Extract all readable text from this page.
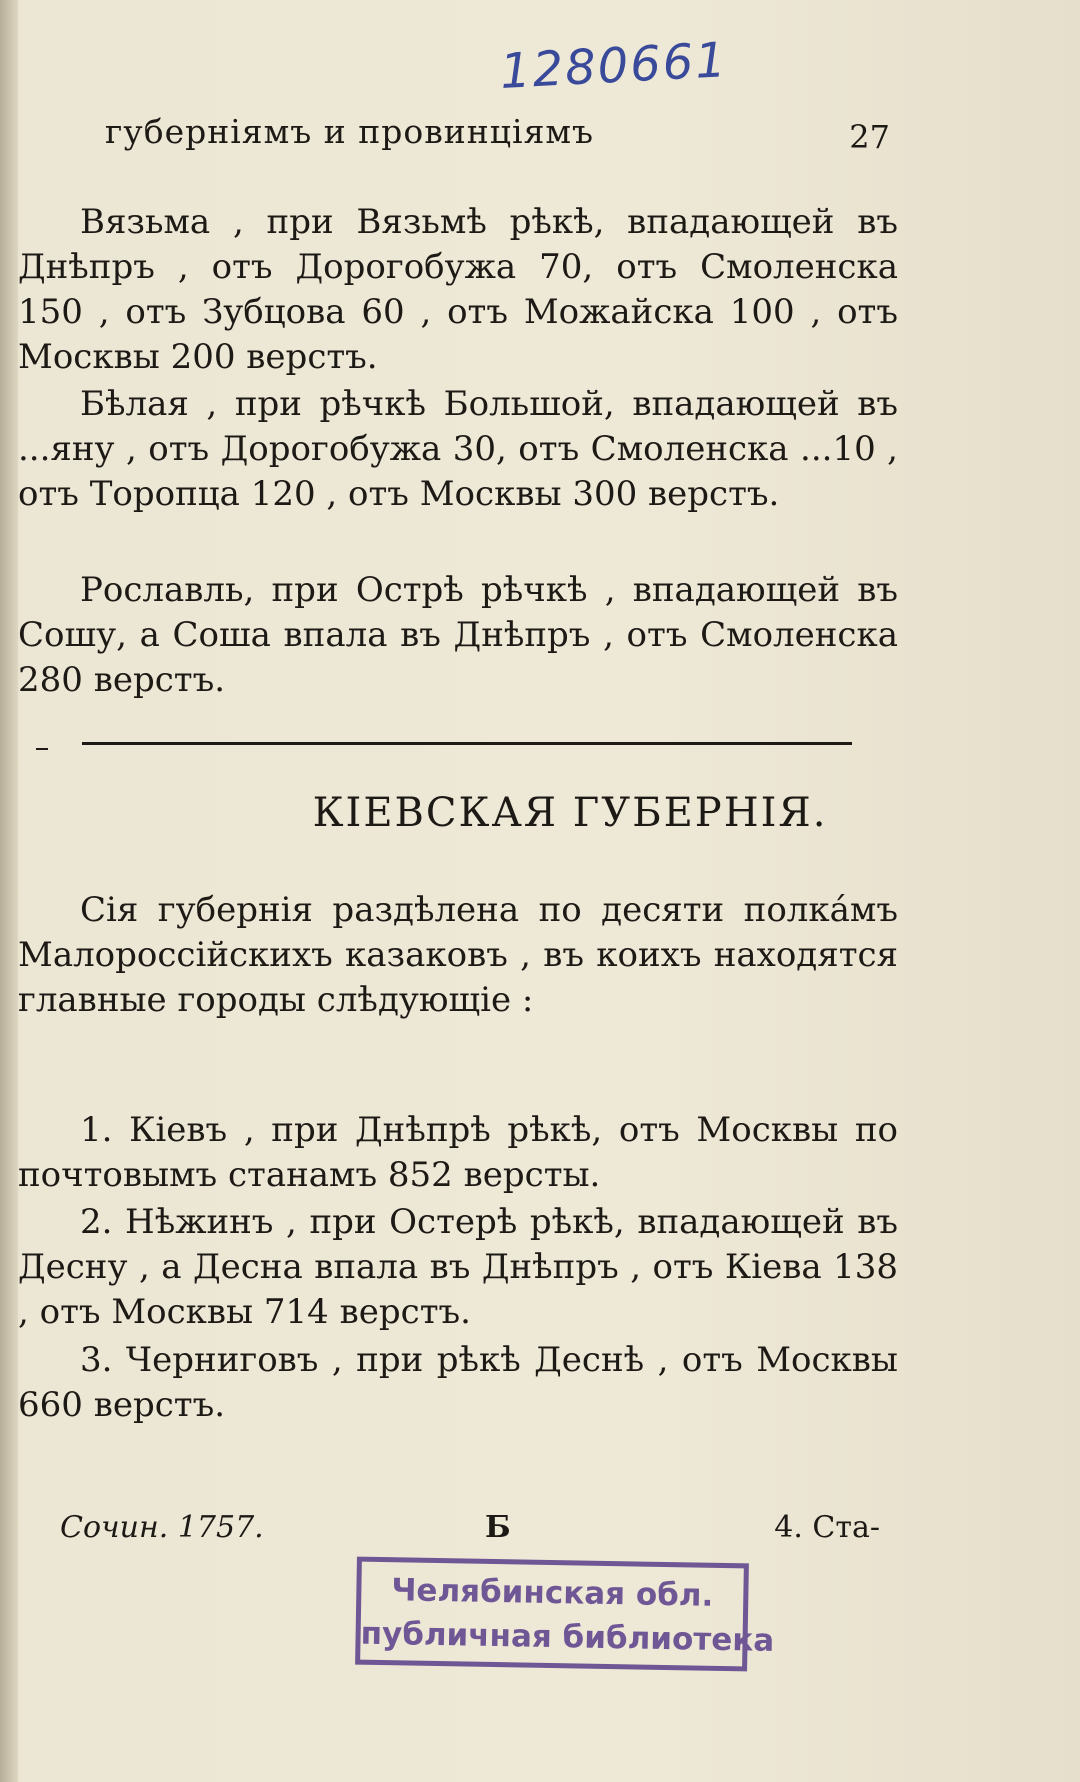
1280661
губерніямъ и провинціямъ	27

Вязьма , при Вязьмѣ рѣкѣ, впадающей въ Днѣпръ , отъ Дорогобужа 70, отъ Смоленска 150 , отъ Зубцова 60 , отъ Можайска 100 , отъ Москвы 200 верстъ.

Бѣлая , при рѣчкѣ Большой, впадающей въ ...яну , отъ Дорогобужа 30, отъ Смоленска ...10 , отъ Торопца 120 , отъ Москвы 300 верстъ.

Рославль, при Острѣ рѣчкѣ , впадающей въ Сошу, а Соша впала въ Днѣпръ , отъ Смоленска 280 верстъ.

КІЕВСКАЯ ГУБЕРНІЯ.

Сія губернія раздѣлена по десяти полкáмъ Малороссійскихъ казаковъ , въ коихъ находятся главные городы слѣдующіе :

1. Кіевъ , при Днѣпрѣ рѣкѣ, отъ Москвы по почтовымъ станамъ 852 версты.

2. Нѣжинъ , при Остерѣ рѣкѣ, впадающей въ Десну , а Десна впала въ Днѣпръ , отъ Кіева 138 , отъ Москвы 714 верстъ.

3. Черниговъ , при рѣкѣ Деснѣ , отъ Москвы 660 верстъ.

Сочин. 1757.	Б	4. Ста-
Челябинская обл.
публичная библиотека
